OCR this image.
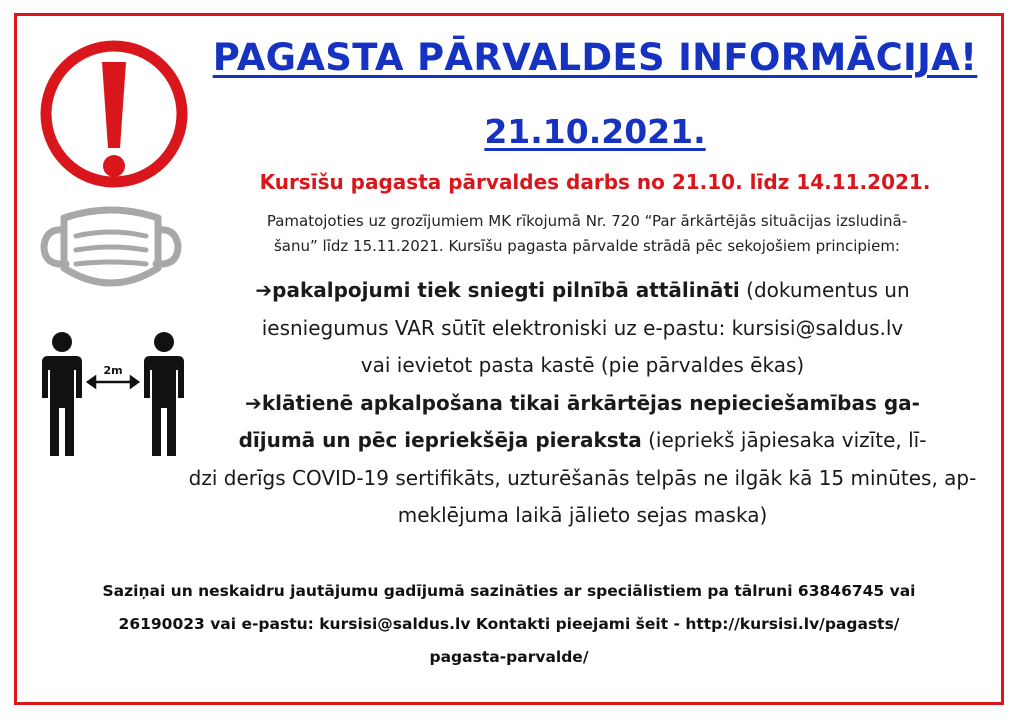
2m
PAGASTA PĀRVALDES INFORMĀCIJA!
21.10.2021.
Kursīšu pagasta pārvaldes darbs no 21.10. līdz 14.11.2021.
Pamatojoties uz grozījumiem MK rīkojumā Nr. 720 “Par ārkārtējās situācijas izsludinā-
šanu” līdz 15.11.2021. Kursīšu pagasta pārvalde strādā pēc sekojošiem principiem:
➔pakalpojumi tiek sniegti pilnībā attālināti (dokumentus un
iesniegumus VAR sūtīt elektroniski uz e-pastu: kursisi@saldus.lv
vai ievietot pasta kastē (pie pārvaldes ēkas)
➔klātienē apkalpošana tikai ārkārtējas nepieciešamības ga-
dījumā un pēc iepriekšēja pieraksta (iepriekš jāpiesaka vizīte, lī-
dzi derīgs COVID-19 sertifikāts, uzturēšanās telpās ne ilgāk kā 15 minūtes, ap-
meklējuma laikā jālieto sejas maska)
Saziņai un neskaidru jautājumu gadījumā sazināties ar speciālistiem pa tālruni 63846745 vai
26190023 vai e-pastu: kursisi@saldus.lv Kontakti pieejami šeit - http://kursisi.lv/pagasts/
pagasta-parvalde/
